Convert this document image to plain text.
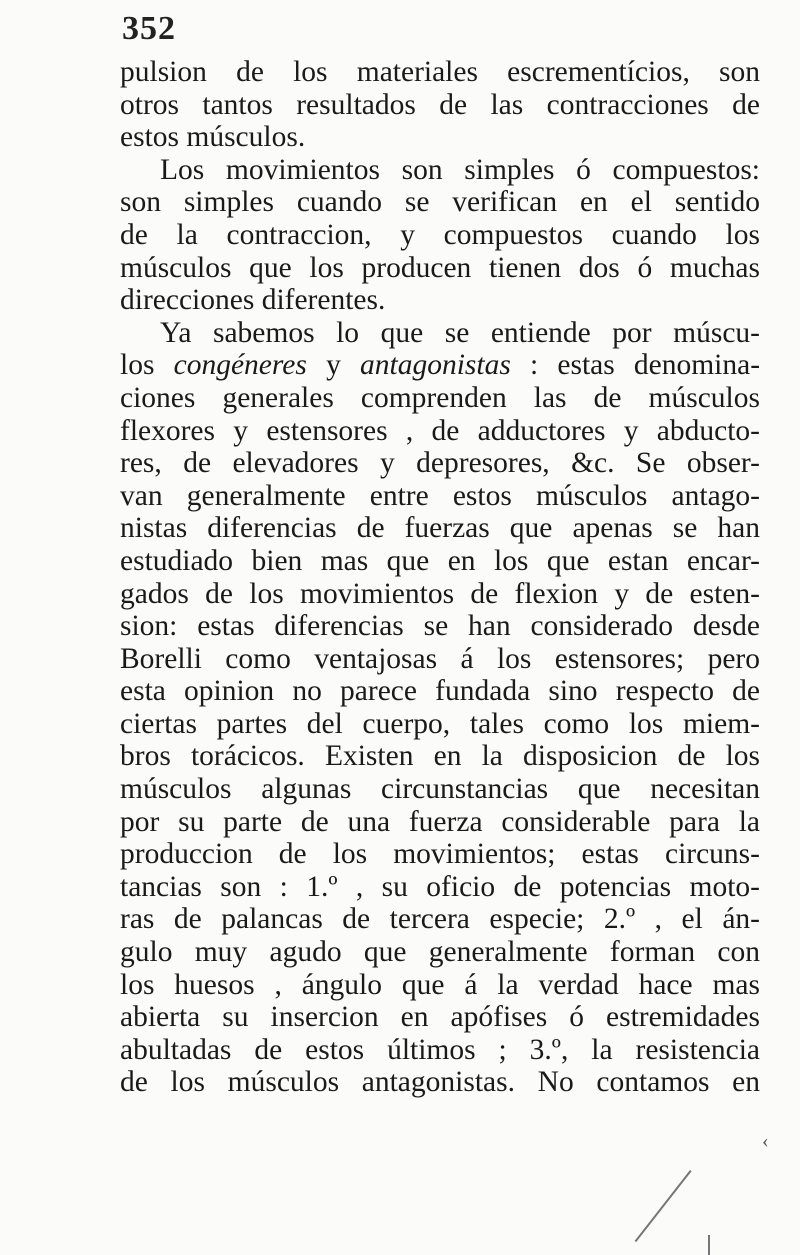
352
pulsion de los materiales escrementícios, son
otros tantos resultados de las contracciones de
estos músculos.
Los movimientos son simples ó compuestos:
son simples cuando se verifican en el sentido
de la contraccion, y compuestos cuando los
músculos que los producen tienen dos ó muchas
direcciones diferentes.
Ya sabemos lo que se entiende por múscu-
los congéneres y antagonistas : estas denomina-
ciones generales comprenden las de músculos
flexores y estensores , de adductores y abducto-
res, de elevadores y depresores, &c. Se obser-
van generalmente entre estos músculos antago-
nistas diferencias de fuerzas que apenas se han
estudiado bien mas que en los que estan encar-
gados de los movimientos de flexion y de esten-
sion: estas diferencias se han considerado desde
Borelli como ventajosas á los estensores; pero
esta opinion no parece fundada sino respecto de
ciertas partes del cuerpo, tales como los miem-
bros torácicos. Existen en la disposicion de los
músculos algunas circunstancias que necesitan
por su parte de una fuerza considerable para la
produccion de los movimientos; estas circuns-
tancias son : 1.º , su oficio de potencias moto-
ras de palancas de tercera especie; 2.º , el án-
gulo muy agudo que generalmente forman con
los huesos , ángulo que á la verdad hace mas
abierta su insercion en apófises ó estremidades
abultadas de estos últimos ; 3.º, la resistencia
de los músculos antagonistas. No contamos en
‹
